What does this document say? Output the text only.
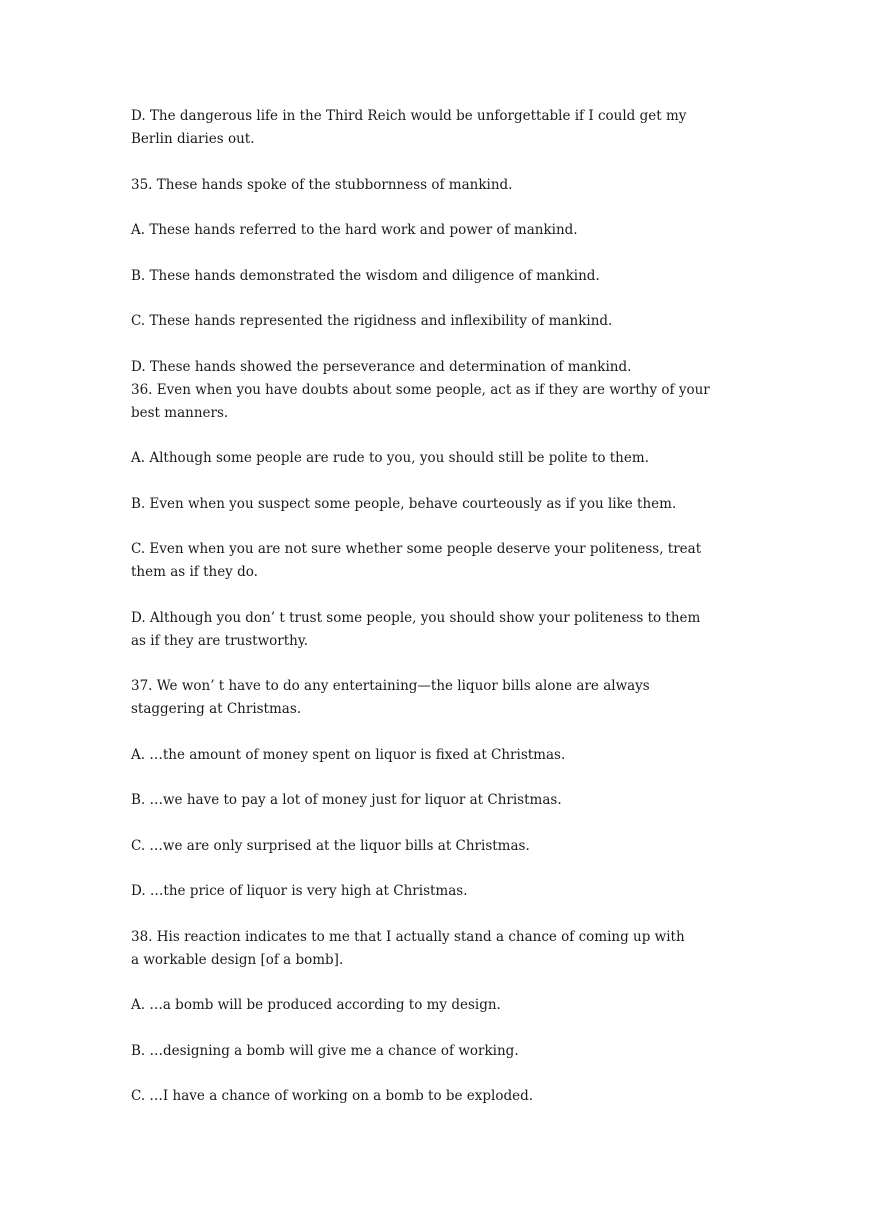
D. The dangerous life in the Third Reich would be unforgettable if I could get my
Berlin diaries out.
35. These hands spoke of the stubbornness of mankind.
A. These hands referred to the hard work and power of mankind.
B. These hands demonstrated the wisdom and diligence of mankind.
C. These hands represented the rigidness and inflexibility of mankind.
D. These hands showed the perseverance and determination of mankind.
36. Even when you have doubts about some people, act as if they are worthy of your
best manners.
A. Although some people are rude to you, you should still be polite to them.
B. Even when you suspect some people, behave courteously as if you like them.
C. Even when you are not sure whether some people deserve your politeness, treat
them as if they do.
D. Although you don’ t trust some people, you should show your politeness to them
as if they are trustworthy.
37. We won’ t have to do any entertaining—the liquor bills alone are always
staggering at Christmas.
A. …the amount of money spent on liquor is fixed at Christmas.
B. …we have to pay a lot of money just for liquor at Christmas.
C. …we are only surprised at the liquor bills at Christmas.
D. …the price of liquor is very high at Christmas.
38. His reaction indicates to me that I actually stand a chance of coming up with
a workable design [of a bomb].
A. …a bomb will be produced according to my design.
B. …designing a bomb will give me a chance of working.
C. …I have a chance of working on a bomb to be exploded.
